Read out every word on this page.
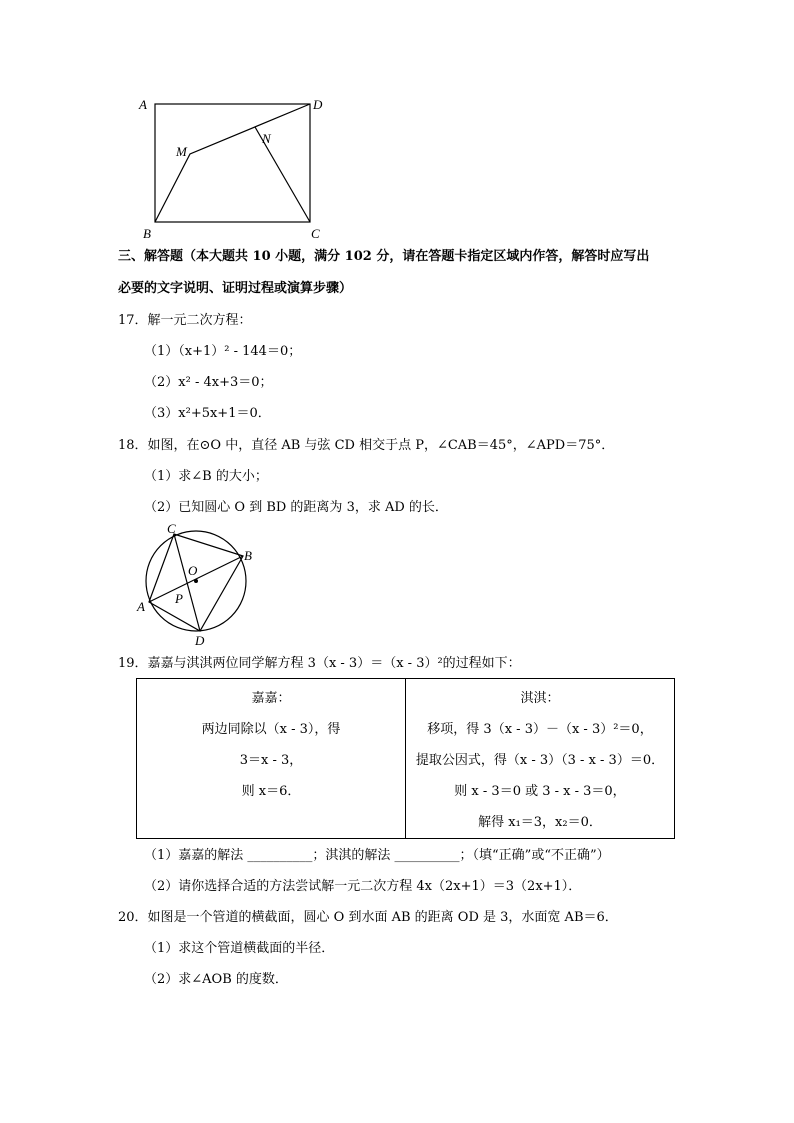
A	D
M
N
B	C
三、解答题（本大题共 10 小题，满分 102 分，请在答题卡指定区域内作答，解答时应写出
必要的文字说明、证明过程或演算步骤）
17．解一元二次方程：
（1）（x+1）² - 144＝0；
（2）x² - 4x+3＝0；
（3）x²+5x+1＝0．
18．如图，在⊙O 中，直径 AB 与弦 CD 相交于点 P，∠CAB＝45°，∠APD＝75°．
（1）求∠B 的大小；
（2）已知圆心 O 到 BD 的距离为 3，求 AD 的长．
C
B
O
P
A
D
19．嘉嘉与淇淇两位同学解方程 3（x - 3）＝（x - 3）²的过程如下：
嘉嘉：
两边同除以（x - 3），得
3＝x - 3，
则 x＝6．

淇淇：
移项，得 3（x - 3）－（x - 3）²＝0，
提取公因式，得（x - 3）（3 - x - 3）＝0．
则 x - 3＝0 或 3 - x - 3＝0，
解得 x₁＝3，x₂＝0．
（1）嘉嘉的解法 __________；淇淇的解法 __________；（填“正确”或“不正确”）
（2）请你选择合适的方法尝试解一元二次方程 4x（2x+1）＝3（2x+1）．
20．如图是一个管道的横截面，圆心 O 到水面 AB 的距离 OD 是 3，水面宽 AB＝6．
（1）求这个管道横截面的半径．
（2）求∠AOB 的度数．
